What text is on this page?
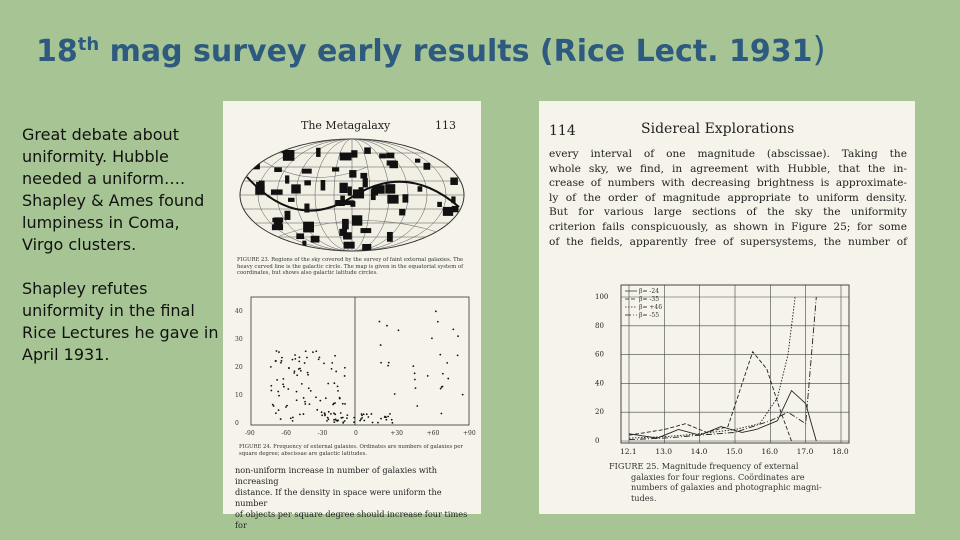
18th mag survey early results (Rice Lect. 1931)

Great debate about uniformity. Hubble needed a uniform…. Shapley & Ames found lumpiness in Coma, Virgo clusters.

Shapley refutes uniformity in the final Rice Lectures he gave in April 1931.

The Metagalaxy	113
FIGURE 23. Regions of the sky covered by the survey of faint external galaxies. The heavy curved line is the galactic circle. The map is given in the equatorial system of coordinates, but shows also galactic latitude circles.
40
30
20
10
0
-90	-60	-30	0	+30	+60	+90
FIGURE 24. Frequency of external galaxies. Ordinates are numbers of galaxies per square degree; abscissae are galactic latitudes.
non-uniform increase in number of galaxies with increasing
distance. If the density in space were uniform the number
of objects per square degree should increase four times for
114	Sidereal Explorations
every interval of one magnitude (abscissae). Taking the
whole sky, we find, in agreement with Hubble, that the in-
crease of numbers with decreasing brightness is approximate-
ly of the order of magnitude appropriate to uniform density.
But for various large sections of the sky the uniformity
criterion fails conspicuously, as shown in Figure 25; for some
of the fields, apparently free of supersystems, the number of
100
80
60
40
20
0
12.1 13.0 14.0 15.0 16.0 17.0 18.0
β= -24
β= -35
β= +46
β= -55
FIGURE 25. Magnitude frequency of external
galaxies for four regions. Coördinates are
numbers of galaxies and photographic magni-
tudes.
